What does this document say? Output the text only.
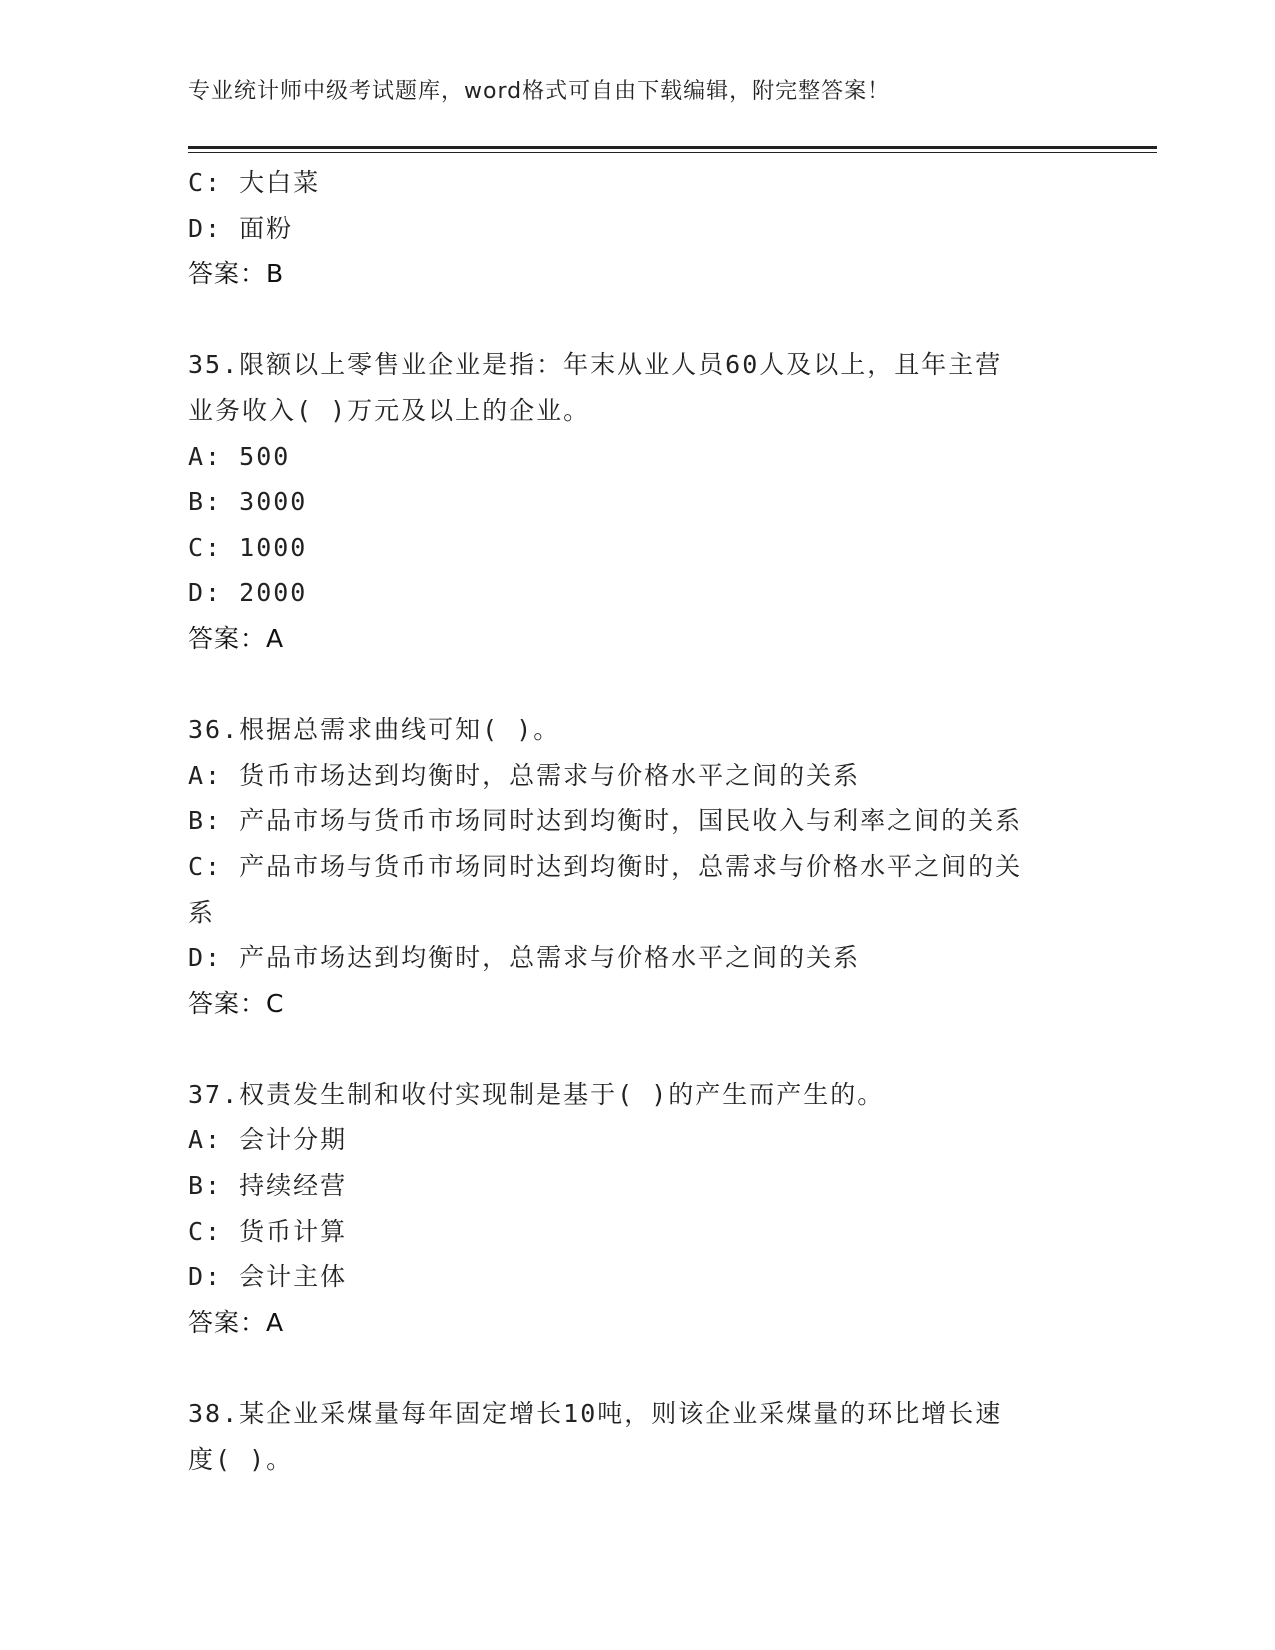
专业统计师中级考试题库，word格式可自由下载编辑，附完整答案！
C: 大白菜
D: 面粉
答案：B
35.限额以上零售业企业是指：年末从业人员60人及以上，且年主营
业务收入( )万元及以上的企业。
A: 500
B: 3000
C: 1000
D: 2000
答案：A
36.根据总需求曲线可知( )。
A: 货币市场达到均衡时，总需求与价格水平之间的关系
B: 产品市场与货币市场同时达到均衡时，国民收入与利率之间的关系
C: 产品市场与货币市场同时达到均衡时，总需求与价格水平之间的关
系
D: 产品市场达到均衡时，总需求与价格水平之间的关系
答案：C
37.权责发生制和收付实现制是基于( )的产生而产生的。
A: 会计分期
B: 持续经营
C: 货币计算
D: 会计主体
答案：A
38.某企业采煤量每年固定增长10吨，则该企业采煤量的环比增长速
度( )。
